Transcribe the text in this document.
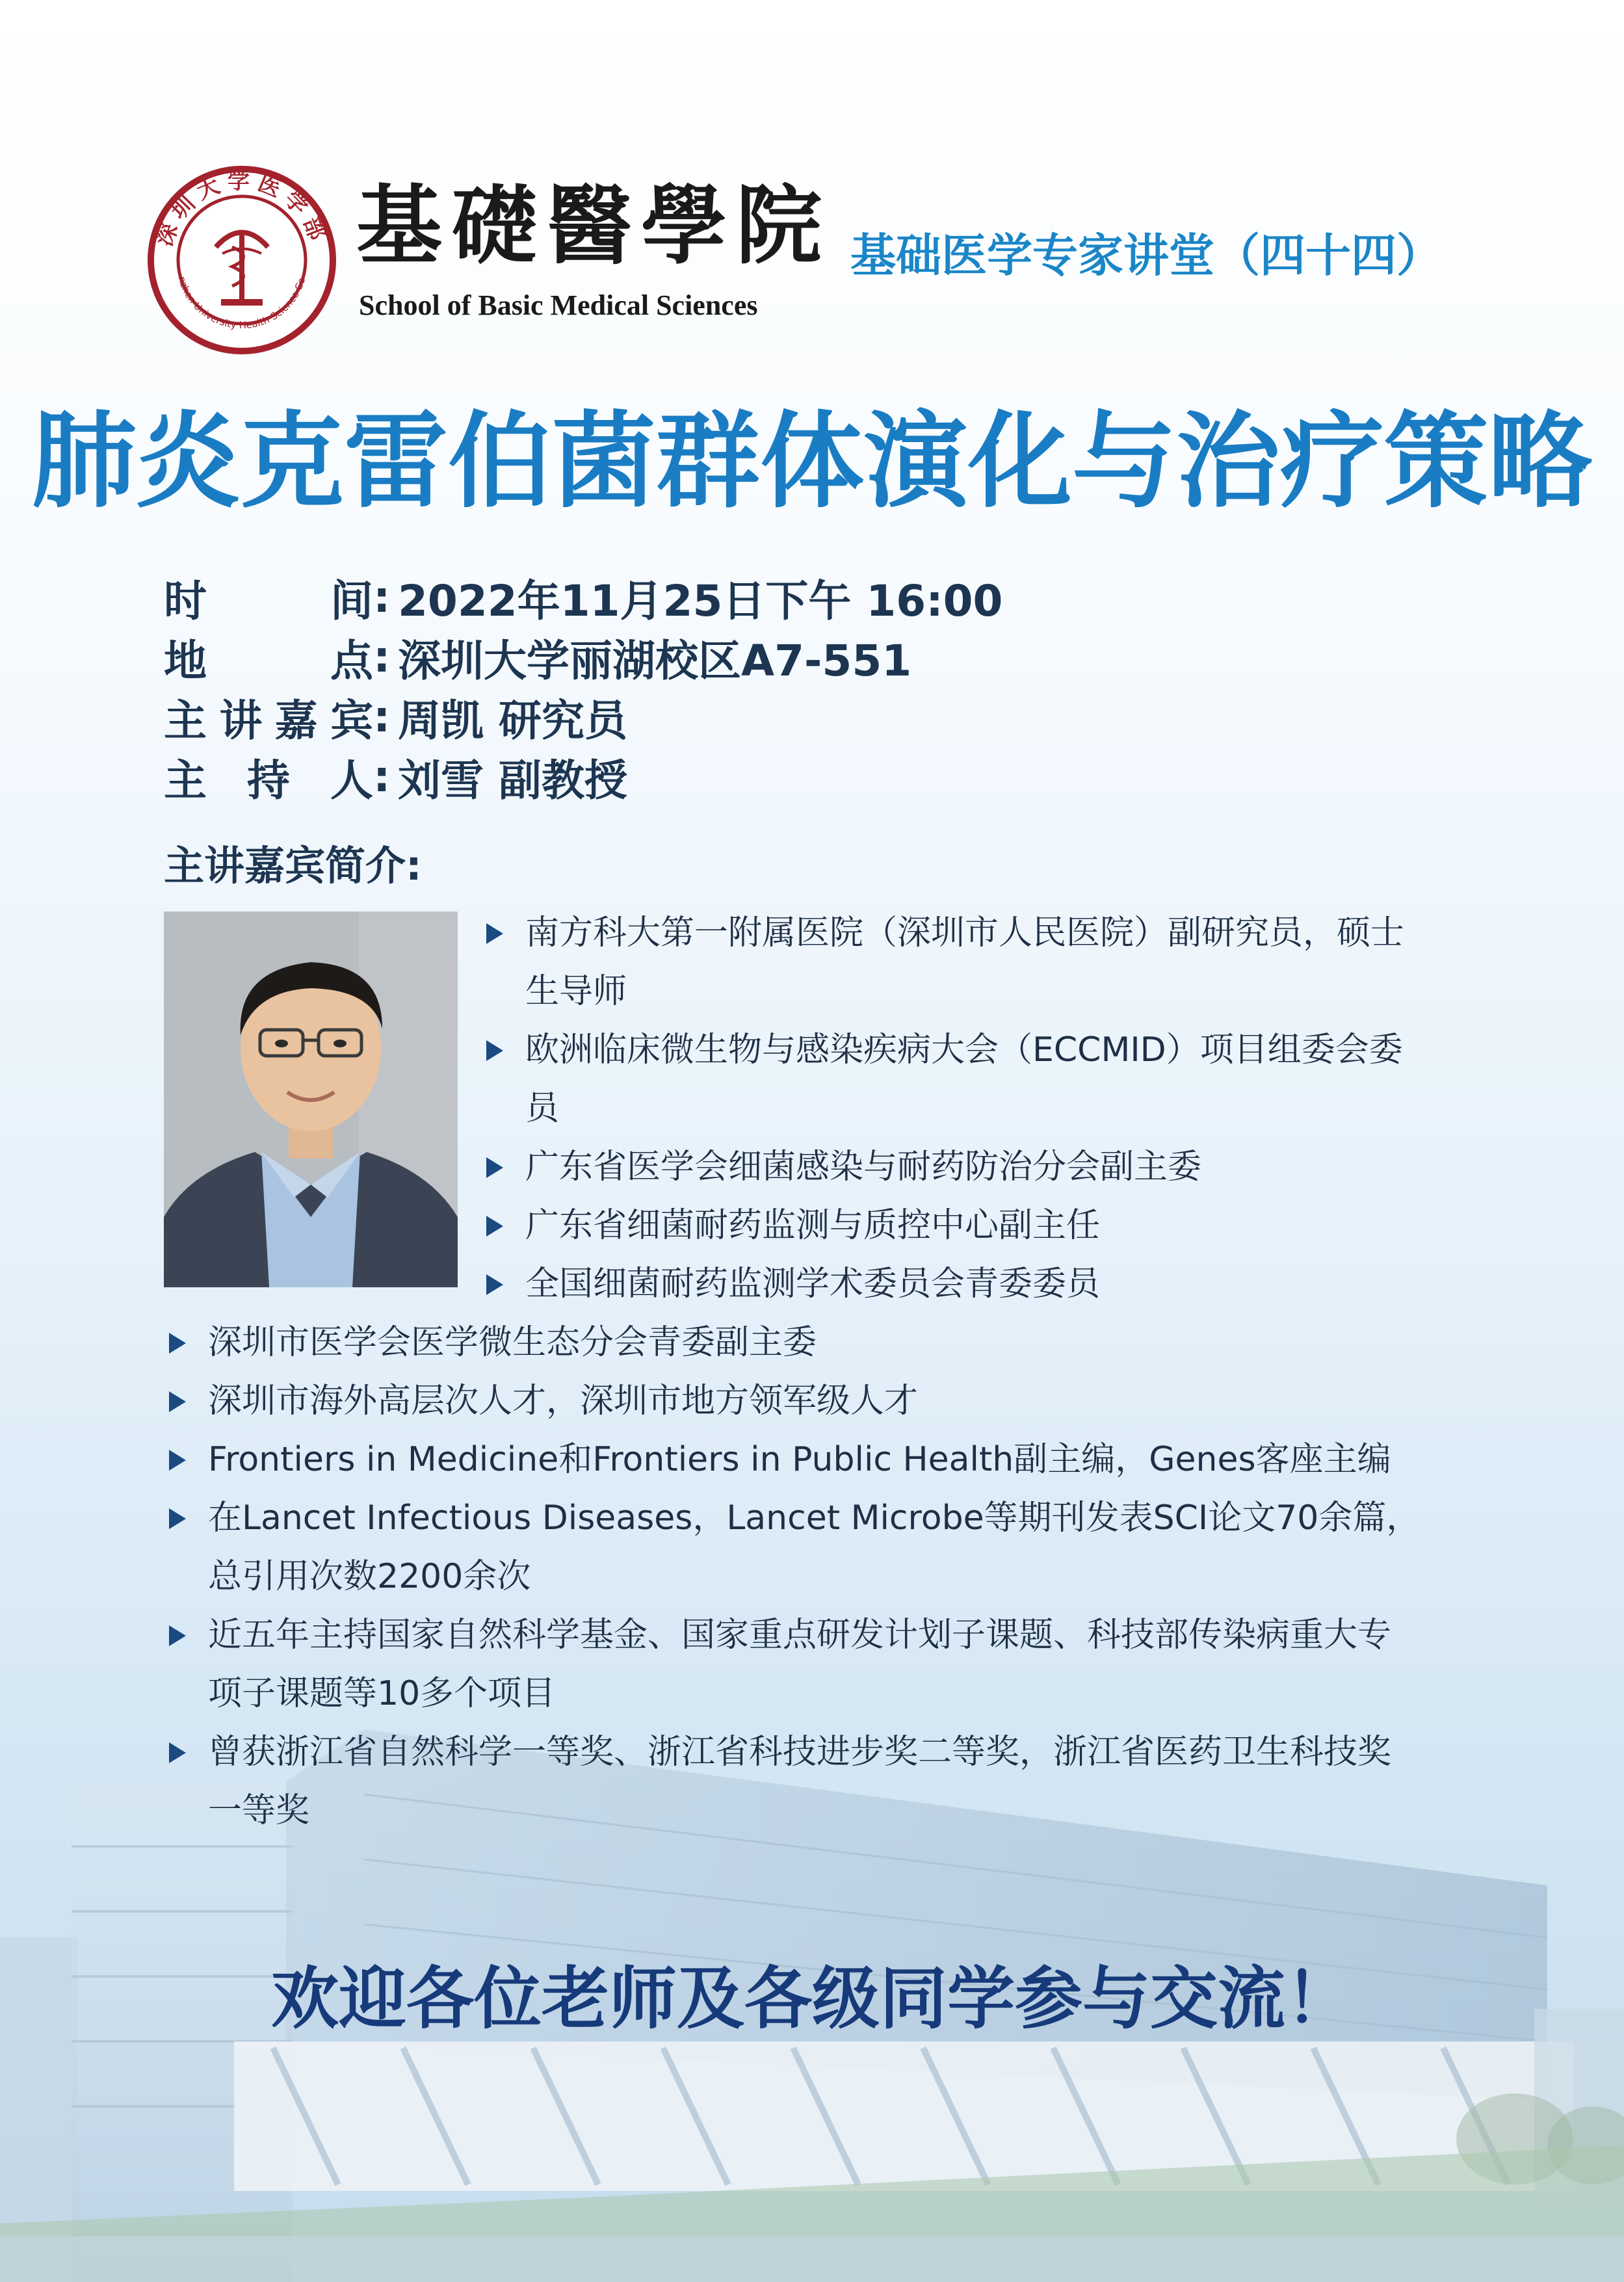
深圳大学医学部
nzhen University Health Science Ce
基礎醫學院
School of Basic Medical Sciences
基础医学专家讲堂（四十四）
肺炎克雷伯菌群体演化与治疗策略
时间 : 2022年11月25日下午 16:00
地点 : 深圳大学丽湖校区A7-551
主讲嘉宾 : 周凯 研究员
主持人 : 刘雪 副教授
主讲嘉宾简介:
南方科大第一附属医院（深圳市人民医院）副研究员，硕士
生导师
欧洲临床微生物与感染疾病大会（ECCMID）项目组委会委
员
广东省医学会细菌感染与耐药防治分会副主委
广东省细菌耐药监测与质控中心副主任
全国细菌耐药监测学术委员会青委委员
深圳市医学会医学微生态分会青委副主委
深圳市海外高层次人才，深圳市地方领军级人才
Frontiers in Medicine和Frontiers in Public Health副主编，Genes客座主编
在Lancet Infectious Diseases，Lancet Microbe等期刊发表SCI论文70余篇，
总引用次数2200余次
近五年主持国家自然科学基金、国家重点研发计划子课题、科技部传染病重大专
项子课题等10多个项目
曾获浙江省自然科学一等奖、浙江省科技进步奖二等奖，浙江省医药卫生科技奖
一等奖
欢迎各位老师及各级同学参与交流！
